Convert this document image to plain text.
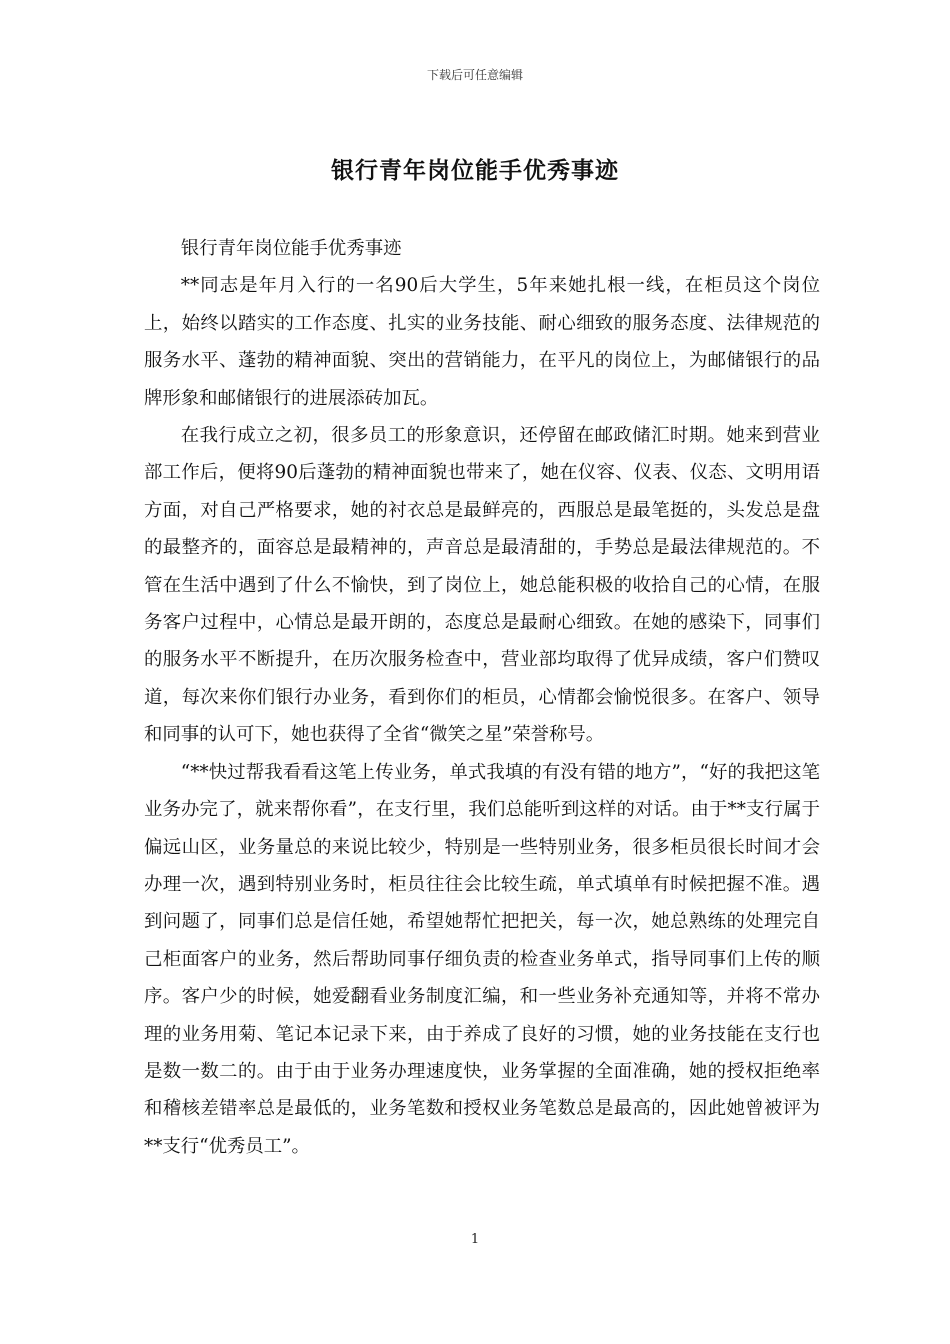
下载后可任意编辑
银行青年岗位能手优秀事迹

银行青年岗位能手优秀事迹

**同志是年月入行的一名90后大学生，5年来她扎根一线，在柜员这个岗位上，始终以踏实的工作态度、扎实的业务技能、耐心细致的服务态度、法律规范的服务水平、蓬勃的精神面貌、突出的营销能力，在平凡的岗位上，为邮储银行的品牌形象和邮储银行的进展添砖加瓦。

在我行成立之初，很多员工的形象意识，还停留在邮政储汇时期。她来到营业部工作后，便将90后蓬勃的精神面貌也带来了，她在仪容、仪表、仪态、文明用语方面，对自己严格要求，她的衬衣总是最鲜亮的，西服总是最笔挺的，头发总是盘的最整齐的，面容总是最精神的，声音总是最清甜的，手势总是最法律规范的。不管在生活中遇到了什么不愉快，到了岗位上，她总能积极的收拾自己的心情，在服务客户过程中，心情总是最开朗的，态度总是最耐心细致。在她的感染下，同事们的服务水平不断提升，在历次服务检查中，营业部均取得了优异成绩，客户们赞叹道，每次来你们银行办业务，看到你们的柜员，心情都会愉悦很多。在客户、领导和同事的认可下，她也获得了全省“微笑之星”荣誉称号。

“**快过帮我看看这笔上传业务，单式我填的有没有错的地方”，“好的我把这笔业务办完了，就来帮你看”，在支行里，我们总能听到这样的对话。由于**支行属于偏远山区，业务量总的来说比较少，特别是一些特别业务，很多柜员很长时间才会办理一次，遇到特别业务时，柜员往往会比较生疏，单式填单有时候把握不准。遇到问题了，同事们总是信任她，希望她帮忙把把关，每一次，她总熟练的处理完自己柜面客户的业务，然后帮助同事仔细负责的检查业务单式，指导同事们上传的顺序。客户少的时候，她爱翻看业务制度汇编，和一些业务补充通知等，并将不常办理的业务用菊、笔记本记录下来，由于养成了良好的习惯，她的业务技能在支行也是数一数二的。由于由于业务办理速度快，业务掌握的全面准确，她的授权拒绝率和稽核差错率总是最低的，业务笔数和授权业务笔数总是最高的，因此她曾被评为**支行“优秀员工”。

1
